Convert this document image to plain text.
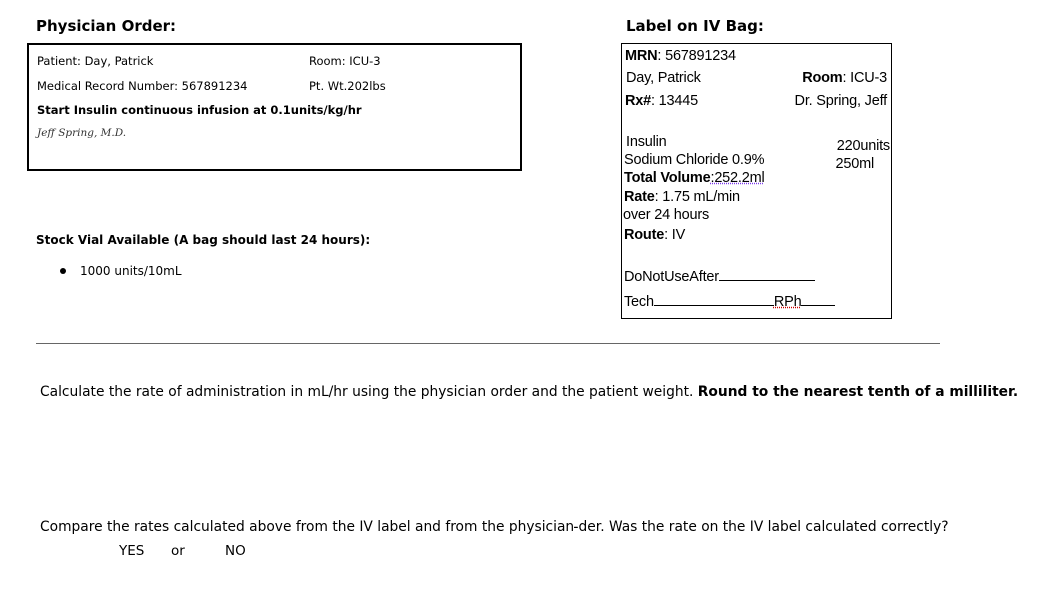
Physician Order:
Patient: Day, Patrick	Room: ICU-3
Medical Record Number: 567891234	Pt. Wt.202lbs
Start Insulin continuous infusion at 0.1units/kg/hr
Jeff Spring, M.D.
Stock Vial Available (A bag should last 24 hours):
1000 units/10mL
Label on IV Bag:
MRN: 567891234
Day, Patrick	Room: ICU-3
Rx#: 13445	Dr. Spring, Jeff
Insulin	220units
Sodium Chloride 0.9%	250ml
Total Volume:252.2ml
Rate: 1.75 mL/min
over 24 hours
Route: IV
DoNotUseAfter
Tech	RPh
Calculate the rate of administration in mL/hr using the physician order and the patient weight. Round to the nearest tenth of a milliliter.
Compare the rates calculated above from the IV label and from the physician ̵̵der. Was the rate on the IV label calculated correctly?
YES or	NO
